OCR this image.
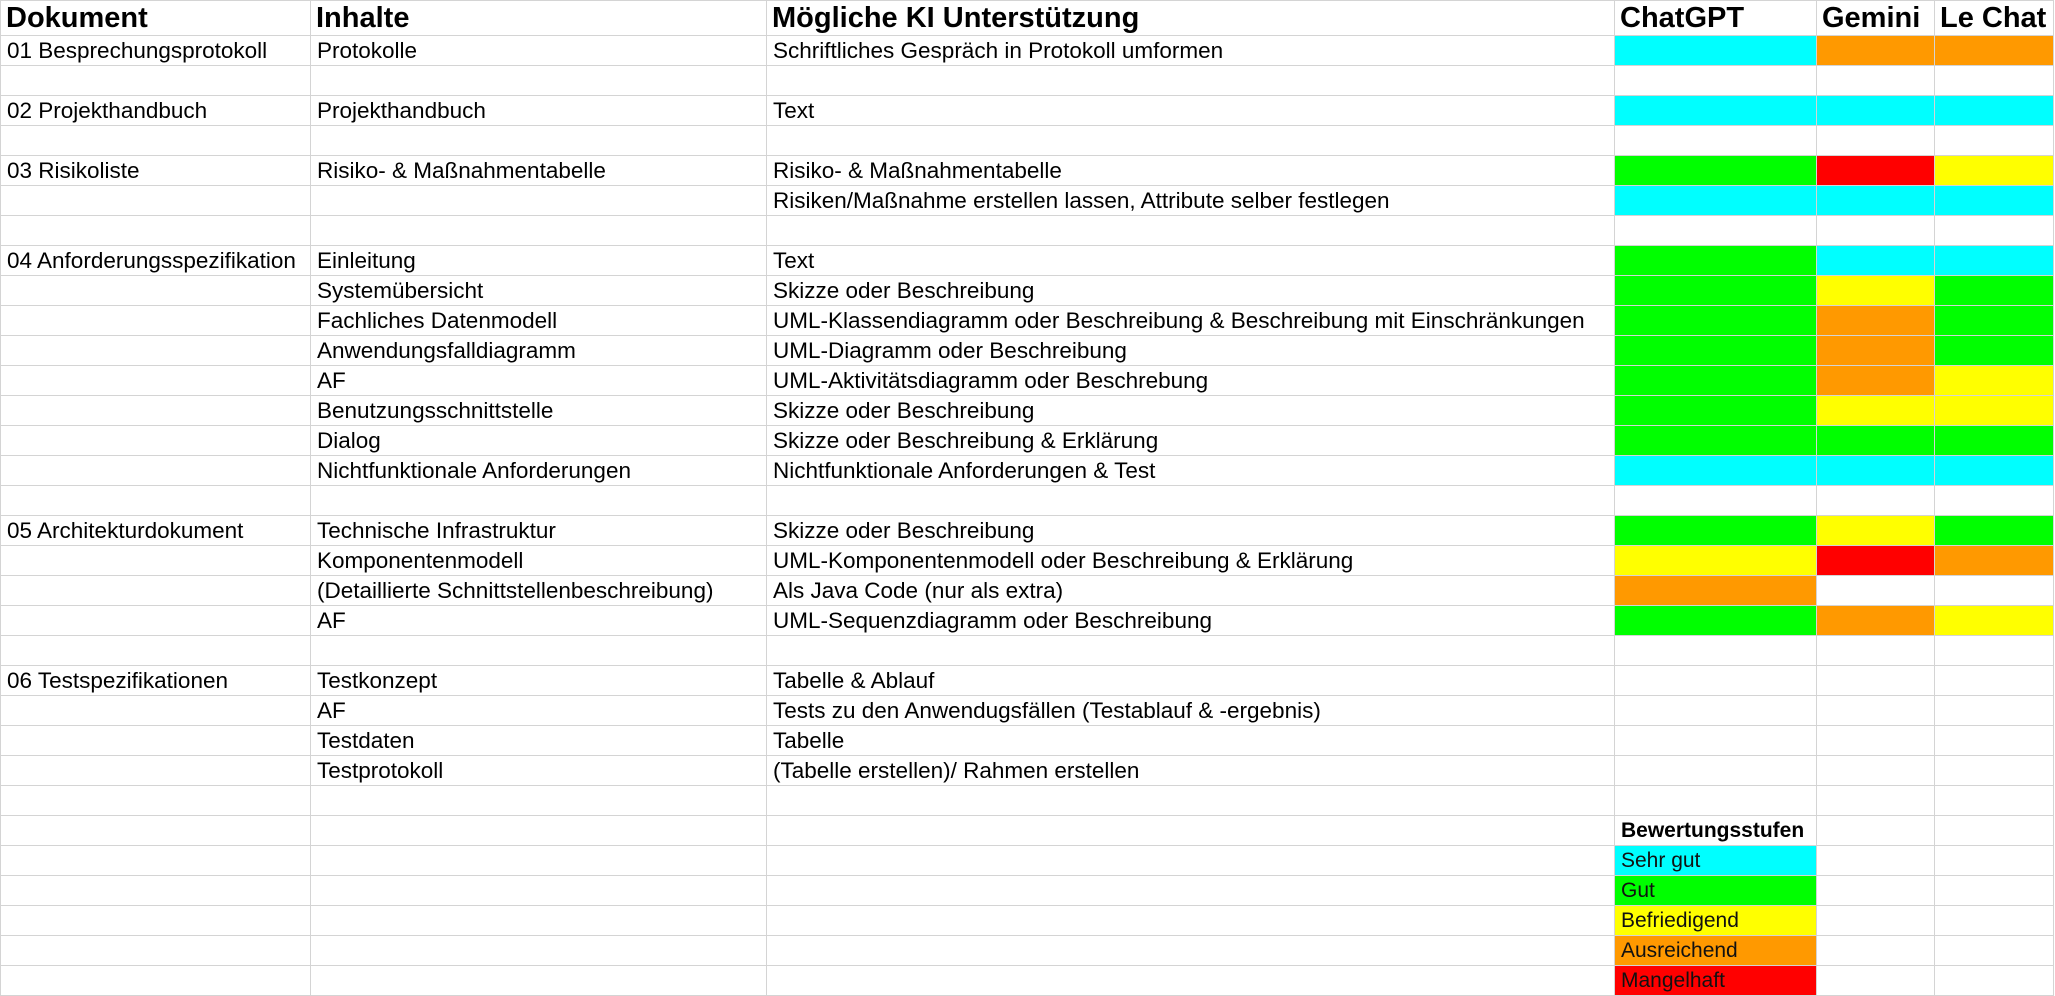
Dokument	Inhalte	Mögliche KI Unterstützung	ChatGPT	Gemini	Le Chat
01 Besprechungsprotokoll	Protokolle	Schriftliches Gespräch in Protokoll umformen			

02 Projekthandbuch	Projekthandbuch	Text			

03 Risikoliste	Risiko- & Maßnahmentabelle	Risiko- & Maßnahmentabelle			
		Risiken/Maßnahme erstellen lassen, Attribute selber festlegen			

04 Anforderungsspezifikation	Einleitung	Text			
	Systemübersicht	Skizze oder Beschreibung			
	Fachliches Datenmodell	UML-Klassendiagramm oder Beschreibung & Beschreibung mit Einschränkungen			
	Anwendungsfalldiagramm	UML-Diagramm oder Beschreibung			
	AF	UML-Aktivitätsdiagramm oder Beschrebung			
	Benutzungsschnittstelle	Skizze oder Beschreibung			
	Dialog	Skizze oder Beschreibung & Erklärung			
	Nichtfunktionale Anforderungen	Nichtfunktionale Anforderungen & Test			

05 Architekturdokument	Technische Infrastruktur	Skizze oder Beschreibung			
	Komponentenmodell	UML-Komponentenmodell oder Beschreibung & Erklärung			
	(Detaillierte Schnittstellenbeschreibung)	Als Java Code (nur als extra)			
	AF	UML-Sequenzdiagramm oder Beschreibung			

06 Testspezifikationen	Testkonzept	Tabelle & Ablauf			
	AF	Tests zu den Anwendugsfällen (Testablauf & -ergebnis)			
	Testdaten	Tabelle			
	Testprotokoll	(Tabelle erstellen)/ Rahmen erstellen			

			Bewertungsstufen		
			Sehr gut		
			Gut		
			Befriedigend		
			Ausreichend		
			Mangelhaft		
